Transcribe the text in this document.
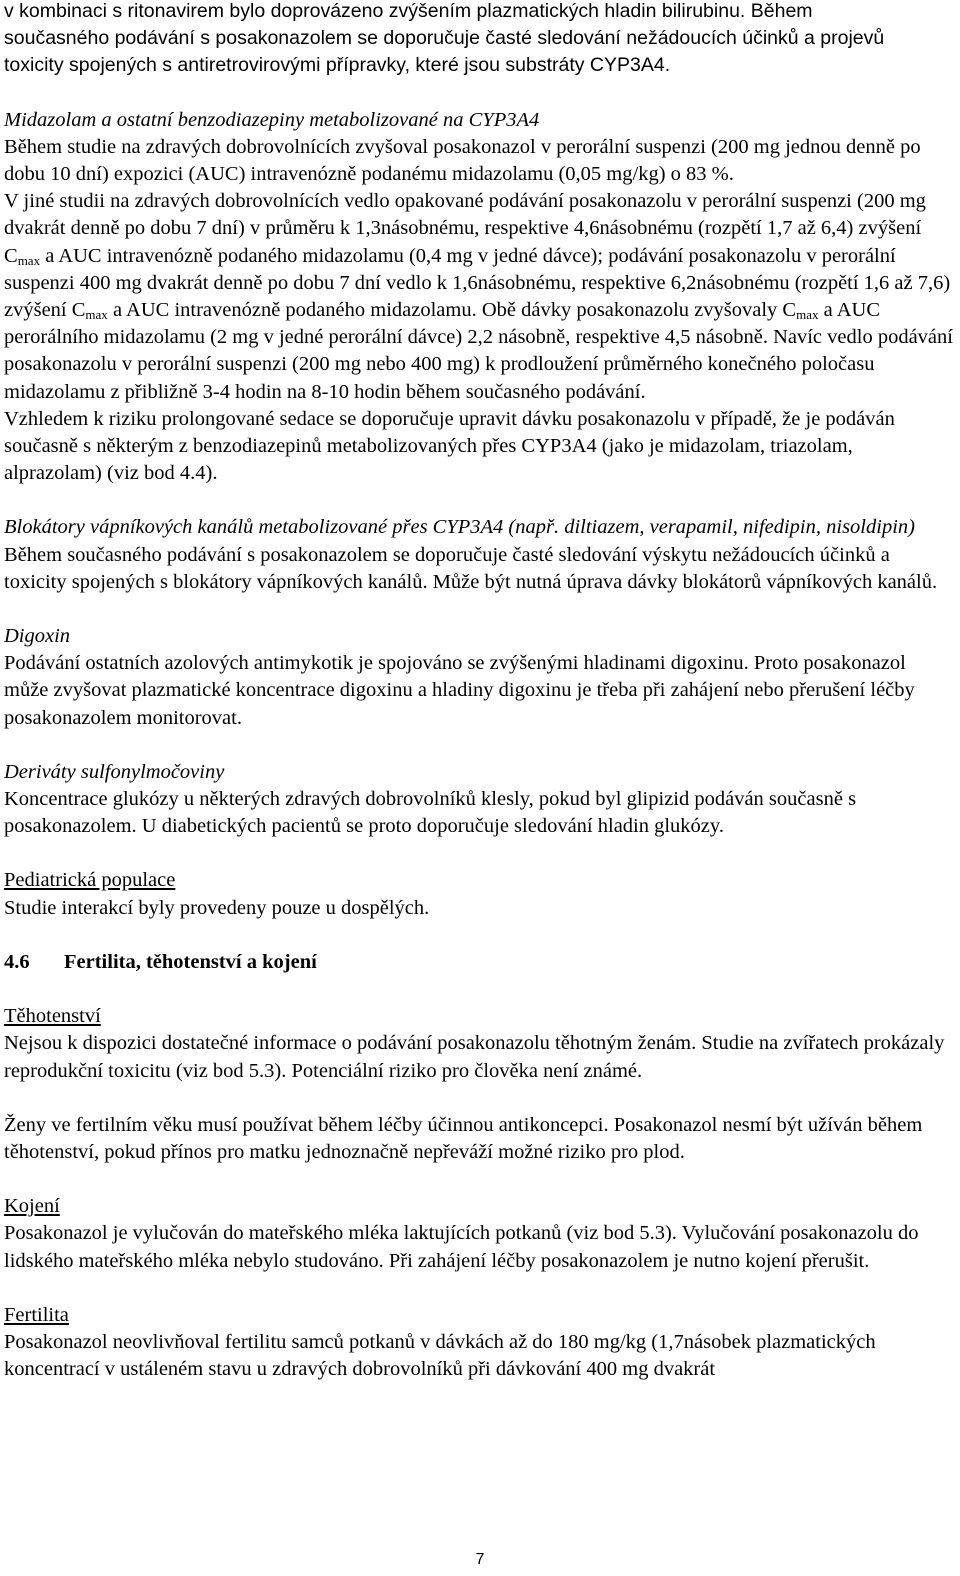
v kombinaci s ritonavirem bylo doprovázeno zvýšením plazmatických hladin bilirubinu. Během
současného podávání s posakonazolem se doporučuje časté sledování nežádoucích účinků a projevů
toxicity spojených s antiretrovirovými přípravky, které jsou substráty CYP3A4.

Midazolam a ostatní benzodiazepiny metabolizované na CYP3A4

Během studie na zdravých dobrovolnících zvyšoval posakonazol v perorální suspenzi (200 mg jednou denně po dobu 10 dní) expozici (AUC) intravenózně podanému midazolamu (0,05 mg/kg) o 83 %.

V jiné studii na zdravých dobrovolnících vedlo opakované podávání posakonazolu v perorální suspenzi (200 mg dvakrát denně po dobu 7 dní) v průměru k 1,3násobnému, respektive 4,6násobnému (rozpětí 1,7 až 6,4) zvýšení $C_{max}$ a AUC intravenózně podaného midazolamu (0,4 mg v jedné dávce); podávání posakonazolu v perorální suspenzi 400 mg dvakrát denně po dobu 7 dní vedlo k 1,6násobnému, respektive 6,2násobnému (rozpětí 1,6 až 7,6) zvýšení $C_{max}$ a AUC intravenózně podaného midazolamu. Obě dávky posakonazolu zvyšovaly $C_{max}$ a AUC perorálního midazolamu (2 mg v jedné perorální dávce) 2,2 násobně, respektive 4,5 násobně. Navíc vedlo podávání posakonazolu v perorální suspenzi (200 mg nebo 400 mg) k prodloužení průměrného konečného poločasu midazolamu z přibližně 3-4 hodin na 8-10 hodin během současného podávání.

Vzhledem k riziku prolongované sedace se doporučuje upravit dávku posakonazolu v případě, že je podáván současně s některým z benzodiazepinů metabolizovaných přes CYP3A4 (jako je midazolam, triazolam, alprazolam) (viz bod 4.4).

Blokátory vápníkových kanálů metabolizované přes CYP3A4 (např. diltiazem, verapamil, nifedipin, nisoldipin)

Během současného podávání s posakonazolem se doporučuje časté sledování výskytu nežádoucích účinků a toxicity spojených s blokátory vápníkových kanálů. Může být nutná úprava dávky blokátorů vápníkových kanálů.

Digoxin

Podávání ostatních azolových antimykotik je spojováno se zvýšenými hladinami digoxinu. Proto posakonazol může zvyšovat plazmatické koncentrace digoxinu a hladiny digoxinu je třeba při zahájení nebo přerušení léčby posakonazolem monitorovat.

Deriváty sulfonylmočoviny

Koncentrace glukózy u některých zdravých dobrovolníků klesly, pokud byl glipizid podáván současně s posakonazolem. U diabetických pacientů se proto doporučuje sledování hladin glukózy.

Pediatrická populace

Studie interakcí byly provedeny pouze u dospělých.

4.6 Fertilita, těhotenství a kojení

Těhotenství

Nejsou k dispozici dostatečné informace o podávání posakonazolu těhotným ženám. Studie na zvířatech prokázaly reprodukční toxicitu (viz bod 5.3). Potenciální riziko pro člověka není známé.

Ženy ve fertilním věku musí používat během léčby účinnou antikoncepci. Posakonazol nesmí být užíván během těhotenství, pokud přínos pro matku jednoznačně nepřeváží možné riziko pro plod.

Kojení

Posakonazol je vylučován do mateřského mléka laktujících potkanů (viz bod 5.3). Vylučování posakonazolu do lidského mateřského mléka nebylo studováno. Při zahájení léčby posakonazolem je nutno kojení přerušit.

Fertilita

Posakonazol neovlivňoval fertilitu samců potkanů v dávkách až do 180 mg/kg (1,7násobek plazmatických koncentrací v ustáleném stavu u zdravých dobrovolníků při dávkování 400 mg dvakrát

7
